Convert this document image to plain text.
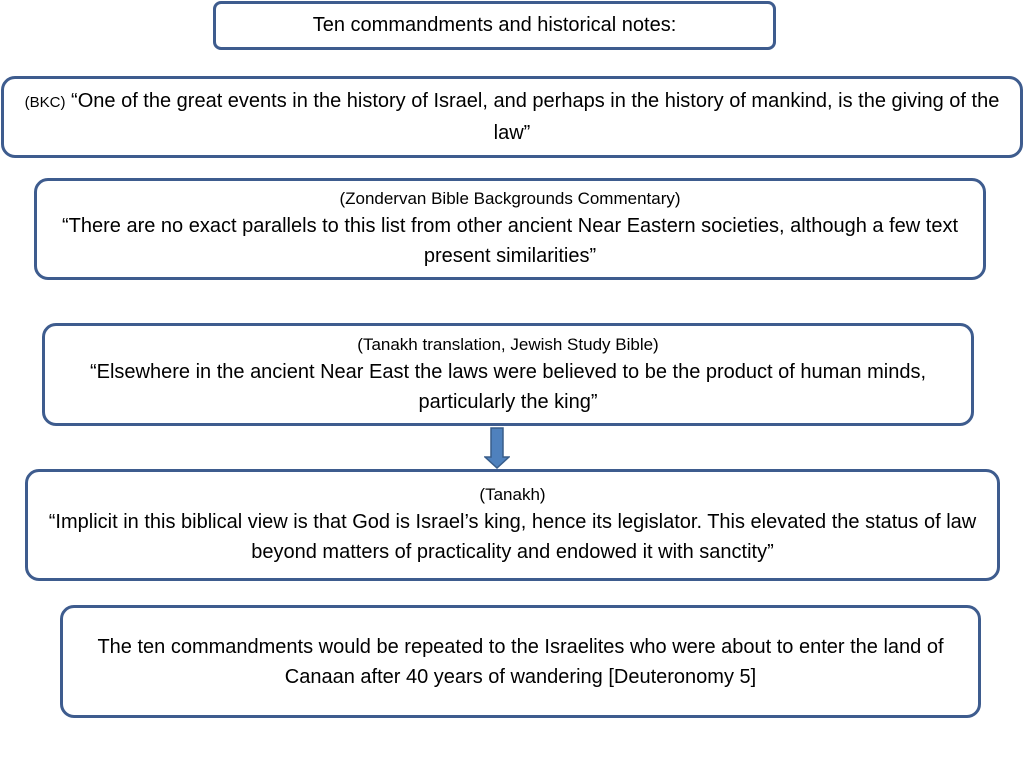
Ten commandments and historical notes:
(BKC) “One of the great events in the history of Israel, and perhaps in the history of mankind, is the giving of the law”
(Zondervan Bible Backgrounds Commentary)
“There are no exact parallels to this list from other ancient Near Eastern societies, although a few text present similarities”
(Tanakh translation, Jewish Study Bible)
“Elsewhere in the ancient Near East the laws were believed to be the product of human minds, particularly the king”
(Tanakh)
“Implicit in this biblical view is that God is Israel’s king, hence its legislator. This elevated the status of law beyond matters of practicality and endowed it with sanctity”
The ten commandments would be repeated to the Israelites who were about to enter the land of Canaan after 40 years of wandering [Deuteronomy 5]
